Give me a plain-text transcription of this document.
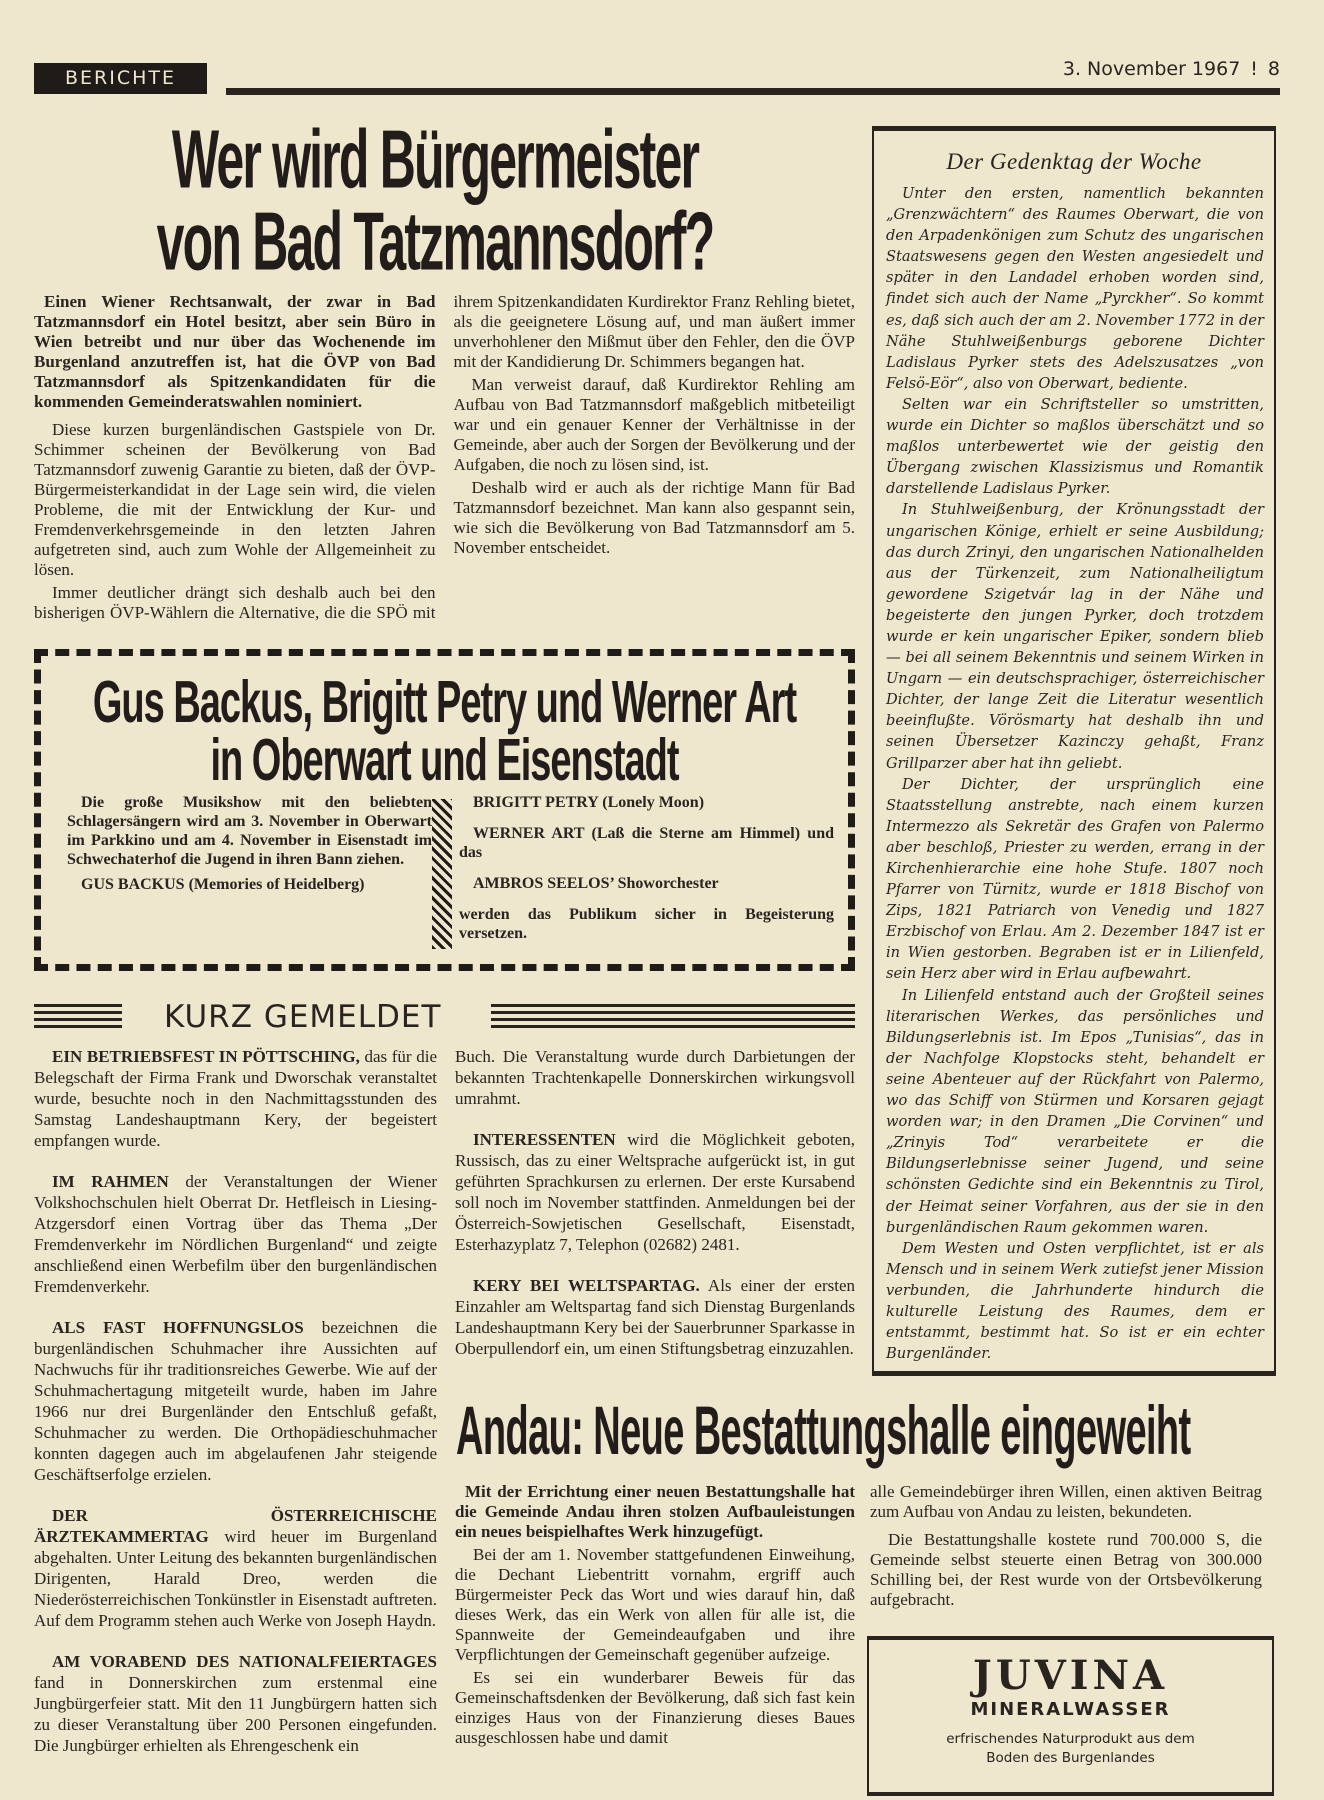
BERICHTE	3. November 1967 ! 8
Wer wird Bürgermeister
von Bad Tatzmannsdorf?

Einen Wiener Rechtsanwalt, der zwar in Bad Tatzmannsdorf ein Hotel besitzt, aber sein Büro in Wien betreibt und nur über das Wochenende im Burgenland anzutreffen ist, hat die ÖVP von Bad Tatzmannsdorf als Spitzenkandidaten für die kommenden Gemeinderatswahlen nominiert.

Diese kurzen burgenländischen Gastspiele von Dr. Schimmer scheinen der Bevölkerung von Bad Tatzmannsdorf zuwenig Garantie zu bieten, daß der ÖVP-Bürgermeisterkandidat in der Lage sein wird, die vielen Probleme, die mit der Entwicklung der Kur- und Fremdenverkehrsgemeinde in den letzten Jahren aufgetreten sind, auch zum Wohle der Allgemeinheit zu lösen.

Immer deutlicher drängt sich deshalb auch bei den bisherigen ÖVP-Wählern die Alternative, die die SPÖ mit ihrem Spitzenkandidaten Kurdirektor Franz Rehling bietet, als die geeignetere Lösung auf, und man äußert immer unverhohlener den Mißmut über den Fehler, den die ÖVP mit der Kandidierung Dr. Schimmers begangen hat.

Man verweist darauf, daß Kurdirektor Rehling am Aufbau von Bad Tatzmannsdorf maßgeblich mitbeteiligt war und ein genauer Kenner der Verhältnisse in der Gemeinde, aber auch der Sorgen der Bevölkerung und der Aufgaben, die noch zu lösen sind, ist.

Deshalb wird er auch als der richtige Mann für Bad Tatzmannsdorf bezeichnet. Man kann also gespannt sein, wie sich die Bevölkerung von Bad Tatzmannsdorf am 5. November entscheidet.

Der Gedenktag der Woche

Unter den ersten, namentlich bekannten „Grenzwächtern“ des Raumes Oberwart, die von den Arpadenkönigen zum Schutz des ungarischen Staatswesens gegen den Westen angesiedelt und später in den Landadel erhoben worden sind, findet sich auch der Name „Pyrckher“. So kommt es, daß sich auch der am 2. November 1772 in der Nähe Stuhlweißenburgs geborene Dichter Ladislaus Pyrker stets des Adelszusatzes „von Felsö-Eör“, also von Oberwart, bediente.

Selten war ein Schriftsteller so umstritten, wurde ein Dichter so maßlos überschätzt und so maßlos unterbewertet wie der geistig den Übergang zwischen Klassizismus und Romantik darstellende Ladislaus Pyrker.

In Stuhlweißenburg, der Krönungsstadt der ungarischen Könige, erhielt er seine Ausbildung; das durch Zrinyi, den ungarischen Nationalhelden aus der Türkenzeit, zum Nationalheiligtum gewordene Szigetvár lag in der Nähe und begeisterte den jungen Pyrker, doch trotzdem wurde er kein ungarischer Epiker, sondern blieb — bei all seinem Bekenntnis und seinem Wirken in Ungarn — ein deutschsprachiger, österreichischer Dichter, der lange Zeit die Literatur wesentlich beeinflußte. Vörösmarty hat deshalb ihn und seinen Übersetzer Kazinczy gehaßt, Franz Grillparzer aber hat ihn geliebt.

Der Dichter, der ursprünglich eine Staatsstellung anstrebte, nach einem kurzen Intermezzo als Sekretär des Grafen von Palermo aber beschloß, Priester zu werden, errang in der Kirchenhierarchie eine hohe Stufe. 1807 noch Pfarrer von Türnitz, wurde er 1818 Bischof von Zips, 1821 Patriarch von Venedig und 1827 Erzbischof von Erlau. Am 2. Dezember 1847 ist er in Wien gestorben. Begraben ist er in Lilienfeld, sein Herz aber wird in Erlau aufbewahrt.

In Lilienfeld entstand auch der Großteil seines literarischen Werkes, das persönliches und Bildungserlebnis ist. Im Epos „Tunisias“, das in der Nachfolge Klopstocks steht, behandelt er seine Abenteuer auf der Rückfahrt von Palermo, wo das Schiff von Stürmen und Korsaren gejagt worden war; in den Dramen „Die Corvinen“ und „Zrinyis Tod“ verarbeitete er die Bildungserlebnisse seiner Jugend, und seine schönsten Gedichte sind ein Bekenntnis zu Tirol, der Heimat seiner Vorfahren, aus der sie in den burgenländischen Raum gekommen waren.

Dem Westen und Osten verpflichtet, ist er als Mensch und in seinem Werk zutiefst jener Mission verbunden, die Jahrhunderte hindurch die kulturelle Leistung des Raumes, dem er entstammt, bestimmt hat. So ist er ein echter Burgenländer.

Gus Backus, Brigitt Petry und Werner Art
in Oberwart und Eisenstadt

Die große Musikshow mit den beliebten Schlagersängern wird am 3. November in Oberwart im Parkkino und am 4. November in Eisenstadt im Schwechaterhof die Jugend in ihren Bann ziehen.

GUS BACKUS (Memories of Heidelberg)

BRIGITT PETRY (Lonely Moon)

WERNER ART (Laß die Sterne am Himmel) und das

AMBROS SEELOS’ Showorchester

werden das Publikum sicher in Begeisterung versetzen.

KURZ GEMELDET

EIN BETRIEBSFEST IN PÖTTSCHING, das für die Belegschaft der Firma Frank und Dworschak veranstaltet wurde, besuchte noch in den Nachmittagsstunden des Samstag Landeshauptmann Kery, der begeistert empfangen wurde.

IM RAHMEN der Veranstaltungen der Wiener Volkshochschulen hielt Oberrat Dr. Hetfleisch in Liesing-Atzgersdorf einen Vortrag über das Thema „Der Fremdenverkehr im Nördlichen Burgenland“ und zeigte anschließend einen Werbefilm über den burgenländischen Fremdenverkehr.

ALS FAST HOFFNUNGSLOS bezeichnen die burgenländischen Schuhmacher ihre Aussichten auf Nachwuchs für ihr traditionsreiches Gewerbe. Wie auf der Schuhmachertagung mitgeteilt wurde, haben im Jahre 1966 nur drei Burgenländer den Entschluß gefaßt, Schuhmacher zu werden. Die Orthopädieschuhmacher konnten dagegen auch im abgelaufenen Jahr steigende Geschäftserfolge erzielen.

DER ÖSTERREICHISCHE ÄRZTEKAMMERTAG wird heuer im Burgenland abgehalten. Unter Leitung des bekannten burgenländischen Dirigenten, Harald Dreo, werden die Niederösterreichischen Tonkünstler in Eisenstadt auftreten. Auf dem Programm stehen auch Werke von Joseph Haydn.

AM VORABEND DES NATIONALFEIERTAGES fand in Donnerskirchen zum erstenmal eine Jungbürgerfeier statt. Mit den 11 Jungbürgern hatten sich zu dieser Veranstaltung über 200 Personen eingefunden. Die Jungbürger erhielten als Ehrengeschenk ein

Buch. Die Veranstaltung wurde durch Darbietungen der bekannten Trachtenkapelle Donnerskirchen wirkungsvoll umrahmt.

INTERESSENTEN wird die Möglichkeit geboten, Russisch, das zu einer Weltsprache aufgerückt ist, in gut geführten Sprachkursen zu erlernen. Der erste Kursabend soll noch im November stattfinden. Anmeldungen bei der Österreich-Sowjetischen Gesellschaft, Eisenstadt, Esterhazyplatz 7, Telephon (02682) 2481.

KERY BEI WELTSPARTAG. Als einer der ersten Einzahler am Weltspartag fand sich Dienstag Burgenlands Landeshauptmann Kery bei der Sauerbrunner Sparkasse in Oberpullendorf ein, um einen Stiftungsbetrag einzuzahlen.

Andau: Neue Bestattungshalle eingeweiht

Mit der Errichtung einer neuen Bestattungshalle hat die Gemeinde Andau ihren stolzen Aufbauleistungen ein neues beispielhaftes Werk hinzugefügt.

Bei der am 1. November stattgefundenen Einweihung, die Dechant Liebentritt vornahm, ergriff auch Bürgermeister Peck das Wort und wies darauf hin, daß dieses Werk, das ein Werk von allen für alle ist, die Spannweite der Gemeindeaufgaben und ihre Verpflichtungen der Gemeinschaft gegenüber aufzeige.

Es sei ein wunderbarer Beweis für das Gemeinschaftsdenken der Bevölkerung, daß sich fast kein einziges Haus von der Finanzierung dieses Baues ausgeschlossen habe und damit

alle Gemeindebürger ihren Willen, einen aktiven Beitrag zum Aufbau von Andau zu leisten, bekundeten.

Die Bestattungshalle kostete rund 700.000 S, die Gemeinde selbst steuerte einen Betrag von 300.000 Schilling bei, der Rest wurde von der Ortsbevölkerung aufgebracht.

JUVINA
MINERALWASSER
erfrischendes Naturprodukt aus dem
Boden des Burgenlandes
